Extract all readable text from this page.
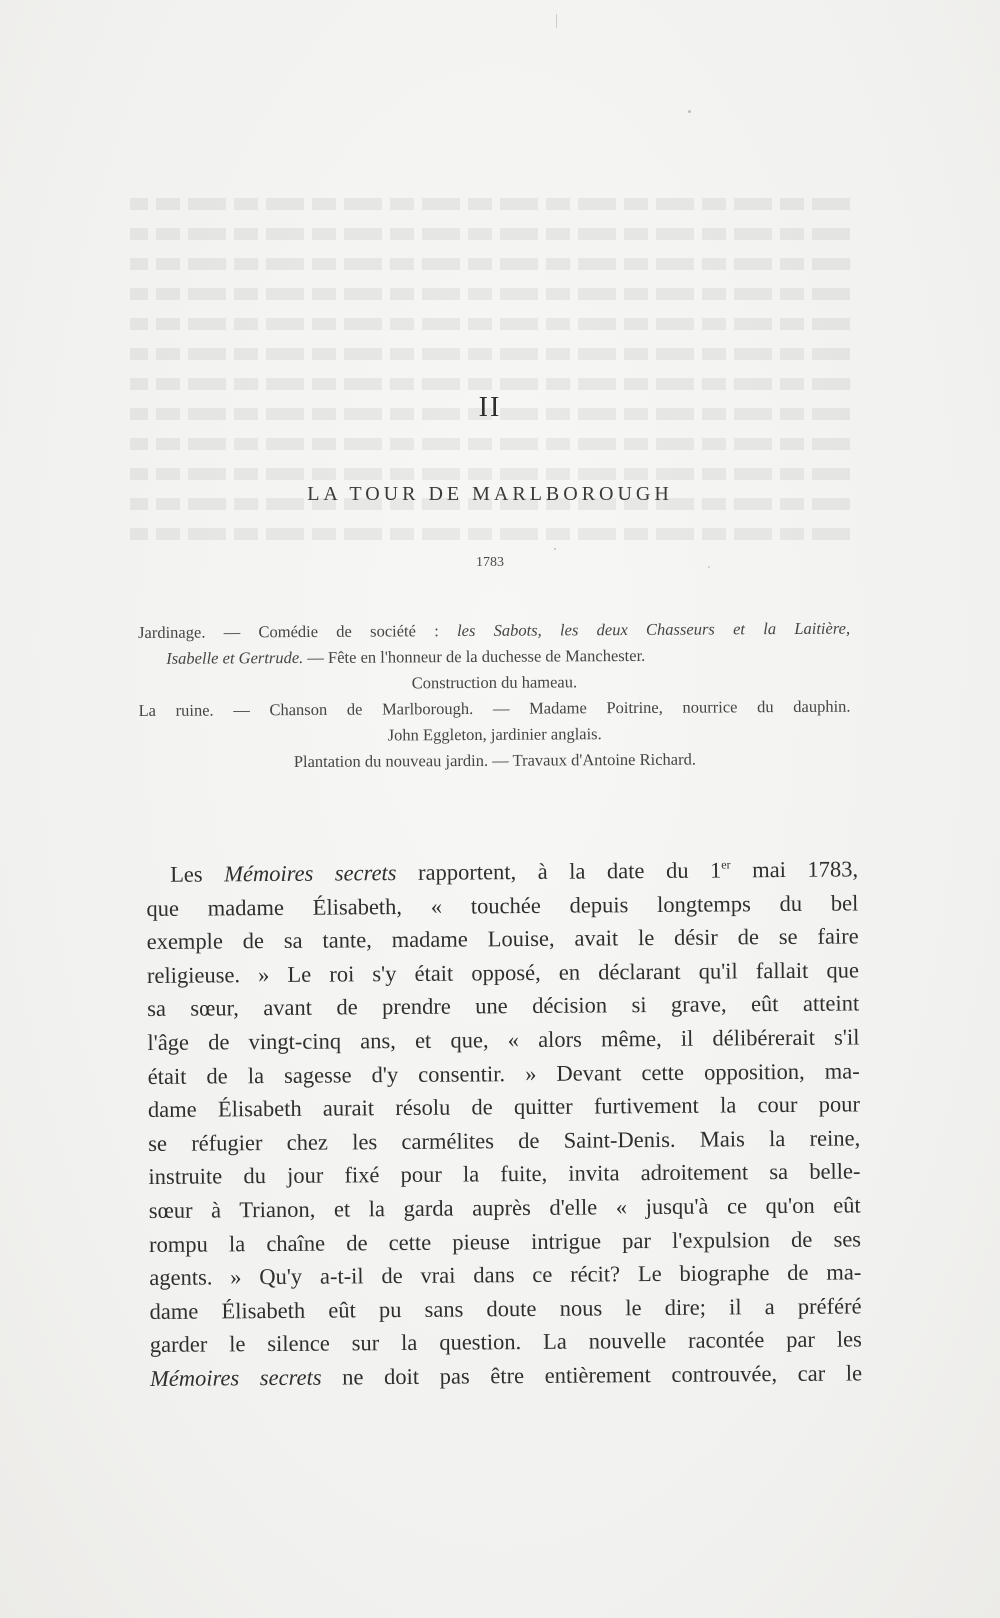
II
LA TOUR DE MARLBOROUGH
1783
Jardinage. — Comédie de société : les Sabots, les deux Chasseurs et la Laitière,
Isabelle et Gertrude. — Fête en l'honneur de la duchesse de Manchester.
Construction du hameau.
La ruine. — Chanson de Marlborough. — Madame Poitrine, nourrice du dauphin.
John Eggleton, jardinier anglais.
Plantation du nouveau jardin. — Travaux d'Antoine Richard.
Les Mémoires secrets rapportent, à la date du 1er mai 1783,
que madame Élisabeth, « touchée depuis longtemps du bel
exemple de sa tante, madame Louise, avait le désir de se faire
religieuse. » Le roi s'y était opposé, en déclarant qu'il fallait que
sa sœur, avant de prendre une décision si grave, eût atteint
l'âge de vingt-cinq ans, et que, « alors même, il délibérerait s'il
était de la sagesse d'y consentir. » Devant cette opposition, ma-
dame Élisabeth aurait résolu de quitter furtivement la cour pour
se réfugier chez les carmélites de Saint-Denis. Mais la reine,
instruite du jour fixé pour la fuite, invita adroitement sa belle-
sœur à Trianon, et la garda auprès d'elle « jusqu'à ce qu'on eût
rompu la chaîne de cette pieuse intrigue par l'expulsion de ses
agents. » Qu'y a-t-il de vrai dans ce récit? Le biographe de ma-
dame Élisabeth eût pu sans doute nous le dire; il a préféré
garder le silence sur la question. La nouvelle racontée par les
Mémoires secrets ne doit pas être entièrement controuvée, car le
